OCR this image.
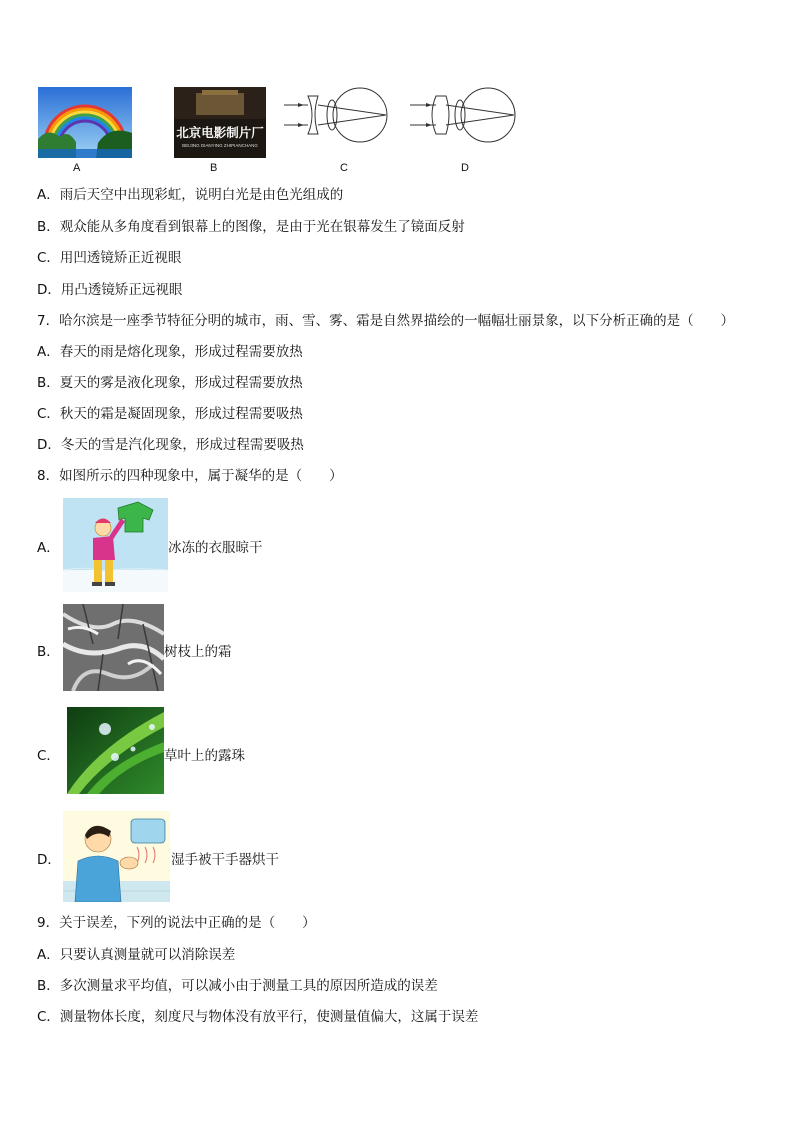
A
北京电影制片厂
BEIJING DIANYING ZHIPIANCHANG
B	C	D
A．雨后天空中出现彩虹，说明白光是由色光组成的
B．观众能从多角度看到银幕上的图像，是由于光在银幕发生了镜面反射
C．用凹透镜矫正近视眼
D．用凸透镜矫正远视眼
7．哈尔滨是一座季节特征分明的城市，雨、雪、雾、霜是自然界描绘的一幅幅壮丽景象，以下分析正确的是（　　）
A．春天的雨是熔化现象，形成过程需要放热
B．夏天的雾是液化现象，形成过程需要放热
C．秋天的霜是凝固现象，形成过程需要吸热
D．冬天的雪是汽化现象，形成过程需要吸热
8．如图所示的四种现象中，属于凝华的是（　　）
A．	冰冻的衣服晾干
B．	树枝上的霜
C．	草叶上的露珠
D．	湿手被干手器烘干
9．关于误差，下列的说法中正确的是（　　）
A．只要认真测量就可以消除误差
B．多次测量求平均值，可以减小由于测量工具的原因所造成的误差
C．测量物体长度，刻度尺与物体没有放平行，使测量值偏大，这属于误差
